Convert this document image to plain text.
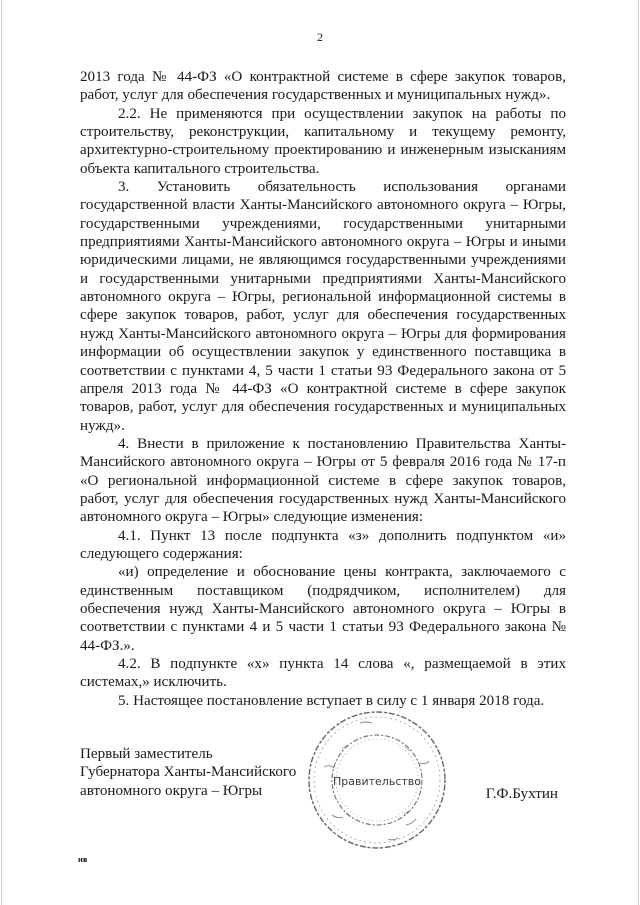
2

2013 года № 44-ФЗ «О контрактной системе в сфере закупок товаров, работ, услуг для обеспечения государственных и муниципальных нужд».

2.2. Не применяются при осуществлении закупок на работы по строительству, реконструкции, капитальному и текущему ремонту, архитектурно-строительному проектированию и инженерным изысканиям объекта капитального строительства.

3. Установить обязательность использования органами государственной власти Ханты-Мансийского автономного округа – Югры, государственными учреждениями, государственными унитарными предприятиями Ханты-Мансийского автономного округа – Югры и иными юридическими лицами, не являющимся государственными учреждениями и государственными унитарными предприятиями Ханты-Мансийского автономного округа – Югры, региональной информационной системы в сфере закупок товаров, работ, услуг для обеспечения государственных нужд Ханты-Мансийского автономного округа – Югры для формирования информации об осуществлении закупок у единственного поставщика в соответствии с пунктами 4, 5 части 1 статьи 93 Федерального закона от 5 апреля 2013 года № 44-ФЗ «О контрактной системе в сфере закупок товаров, работ, услуг для обеспечения государственных и муниципальных нужд».

4. Внести в приложение к постановлению Правительства Ханты-Мансийского автономного округа – Югры от 5 февраля 2016 года № 17-п «О региональной информационной системе в сфере закупок товаров, работ, услуг для обеспечения государственных нужд Ханты-Мансийского автономного округа – Югры» следующие изменения:

4.1. Пункт 13 после подпункта «з» дополнить подпунктом «и» следующего содержания:

«и) определение и обоснование цены контракта, заключаемого с единственным поставщиком (подрядчиком, исполнителем) для обеспечения нужд Ханты-Мансийского автономного округа – Югры в соответствии с пунктами 4 и 5 части 1 статьи 93 Федерального закона № 44-ФЗ.».

4.2. В подпункте «х» пункта 14 слова «, размещаемой в этих системах,» исключить.

5. Настоящее постановление вступает в силу с 1 января 2018 года.

Правительство
Первый заместитель
Губернатора Ханты-Мансийского
автономного округа – Югры	Г.Ф.Бухтин
нв
